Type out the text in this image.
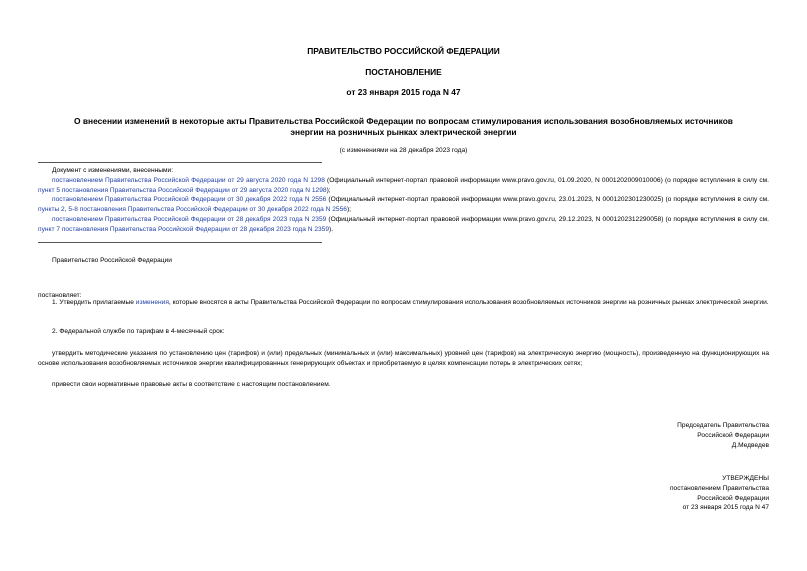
ПРАВИТЕЛЬСТВО РОССИЙСКОЙ ФЕДЕРАЦИИ
ПОСТАНОВЛЕНИЕ
от 23 января 2015 года N 47
О внесении изменений в некоторые акты Правительства Российской Федерации по вопросам стимулирования использования возобновляемых источников
энергии на розничных рынках электрической энергии
(с изменениями на 28 декабря 2023 года)
Документ с изменениями, внесенными:
постановлением Правительства Российской Федерации от 29 августа 2020 года N 1298 (Официальный интернет-портал правовой информации www.pravo.gov.ru, 01.09.2020, N 0001202009010006) (о порядке вступления в силу см. пункт 5 постановления Правительства Российской Федерации от 29 августа 2020 года N 1298);
постановлением Правительства Российской Федерации от 30 декабря 2022 года N 2556 (Официальный интернет-портал правовой информации www.pravo.gov.ru, 23.01.2023, N 0001202301230025) (о порядке вступления в силу см. пункты 2, 5-8 постановления Правительства Российской Федерации от 30 декабря 2022 года N 2556);
постановлением Правительства Российской Федерации от 28 декабря 2023 года N 2359 (Официальный интернет-портал правовой информации www.pravo.gov.ru, 29.12.2023, N 0001202312290058) (о порядке вступления в силу см. пункт 7 постановления Правительства Российской Федерации от 28 декабря 2023 года N 2359).
Правительство Российской Федерации
постановляет:
1. Утвердить прилагаемые изменения, которые вносятся в акты Правительства Российской Федерации по вопросам стимулирования использования возобновляемых источников энергии на розничных рынках электрической энергии.
2. Федеральной службе по тарифам в 4-месячный срок:
утвердить методические указания по установлению цен (тарифов) и (или) предельных (минимальных и (или) максимальных) уровней цен (тарифов) на электрическую энергию (мощность), произведенную на функционирующих на основе использования возобновляемых источников энергии квалифицированных генерирующих объектах и приобретаемую в целях компенсации потерь в электрических сетях;
привести свои нормативные правовые акты в соответствие с настоящим постановлением.
Председатель Правительства
Российской Федерации
Д.Медведев
УТВЕРЖДЕНЫ
постановлением Правительства
Российской Федерации
от 23 января 2015 года N 47
